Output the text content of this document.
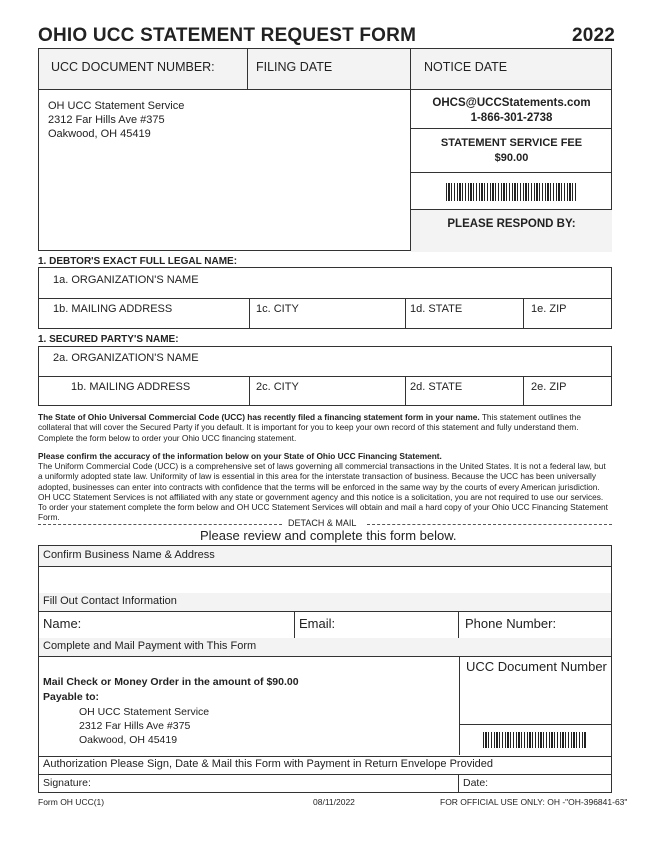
OHIO UCC STATEMENT REQUEST FORM	2022
UCC DOCUMENT NUMBER:	FILING DATE	NOTICE DATE
OH UCC Statement Service
2312 Far Hills Ave #375
Oakwood, OH 45419
OHCS@UCCStatements.com
1-866-301-2738
STATEMENT SERVICE FEE
$90.00
PLEASE RESPOND BY:
1. DEBTOR'S EXACT FULL LEGAL NAME:
1a. ORGANIZATION'S NAME
1b. MAILING ADDRESS	1c. CITY	1d. STATE	1e. ZIP
1. SECURED PARTY'S NAME:
2a. ORGANIZATION'S NAME
1b. MAILING ADDRESS	2c. CITY	2d. STATE	2e. ZIP
The State of Ohio Universal Commercial Code (UCC) has recently filed a financing statement form in your name. This statement outlines the collateral that will cover the Secured Party if you default. It is important for you to keep your own record of this statement and fully understand them. Complete the form below to order your Ohio UCC financing statement.
Please confirm the accuracy of the information below on your State of Ohio UCC Financing Statement.
The Uniform Commercial Code (UCC) is a comprehensive set of laws governing all commercial transactions in the United States. It is not a federal law, but a uniformly adopted state law. Uniformity of law is essential in this area for the interstate transaction of business. Because the UCC has been universally adopted, businesses can enter into contracts with confidence that the terms will be enforced in the same way by the courts of every American jurisdiction. OH UCC Statement Services is not affiliated with any state or government agency and this notice is a solicitation, you are not required to use our services. To order your statement complete the form below and OH UCC Statement Services will obtain and mail a hard copy of your Ohio UCC Financing Statement Form.
DETACH & MAIL
Please review and complete this form below.
Confirm Business Name & Address
Fill Out Contact Information
Name:	Email:	Phone Number:
Complete and Mail Payment with This Form
Mail Check or Money Order in the amount of $90.00
Payable to:
OH UCC Statement Service
2312 Far Hills Ave #375
Oakwood, OH 45419
UCC Document Number
Authorization Please Sign, Date & Mail this Form with Payment in Return Envelope Provided
Signature:	Date:
Form OH UCC(1)	08/11/2022	FOR OFFICIAL USE ONLY: OH -"OH-396841-63"
